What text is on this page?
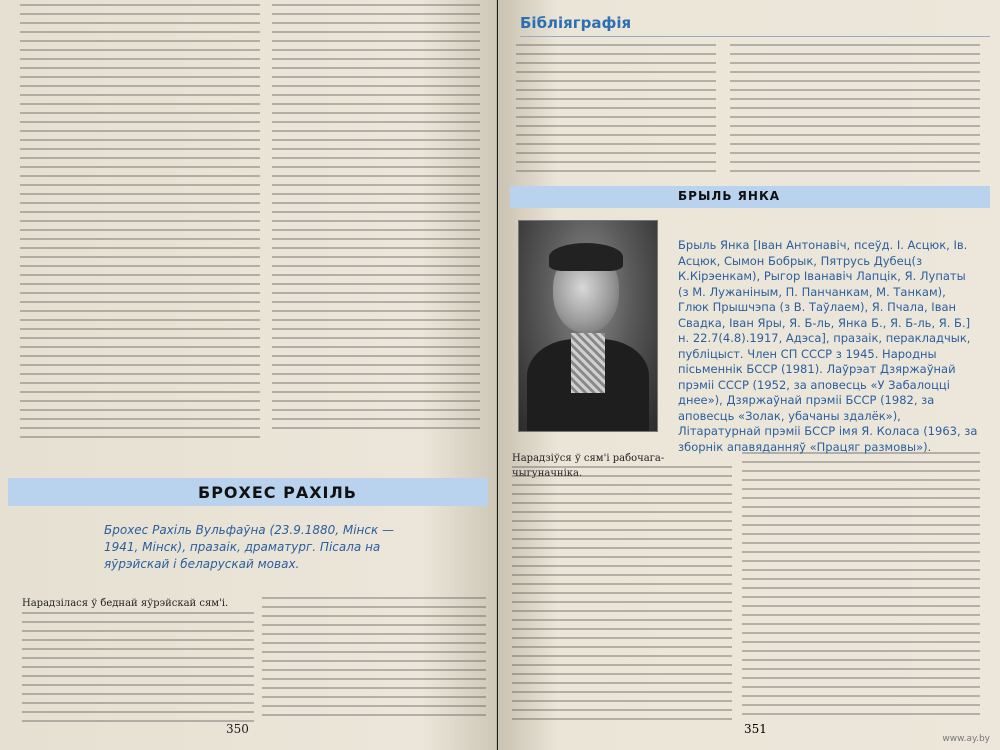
БРОХЕС РАХІЛЬ
Брохес Рахіль Вульфаўна (23.9.1880, Мінск — 1941, Мінск), празаік, драматург. Пісала на яўрэйскай і беларускай мовах.
Нарадзілася ў беднай яўрэйскай сям'і.
350
Бібліяграфія
БРЫЛЬ ЯНКА
Брыль Янка [Іван Антонавіч, псеўд. І. Асцюк, Ів. Асцюк, Сымон Бобрык, Пятрусь Дубец(з К.Кірэенкам), Рыгор Іванавіч Лапцік, Я. Лупаты (з М. Лужаніным, П. Панчанкам, М. Танкам), Глюк Прышчэпа (з В. Таўлаем), Я. Пчала, Іван Свадка, Іван Яры, Я. Б-ль, Янка Б., Я. Б-ль, Я. Б.] н. 22.7(4.8).1917, Адэса], празаік, перакладчык, публіцыст. Член СП СССР з 1945. Народны пісьменнік БССР (1981). Лаўрэат Дзяржаўнай прэміі СССР (1952, за аповесць «У Забалоцці днее»), Дзяржаўнай прэміі БССР (1982, за аповесць «Золак, убачаны здалёк»), Літаратурнай прэміі БССР імя Я. Коласа (1963, за зборнік апавяданняў «Працяг размовы»).
Нарадзіўся ў сям'і рабочага-чыгуначніка.
351
www.ay.by
